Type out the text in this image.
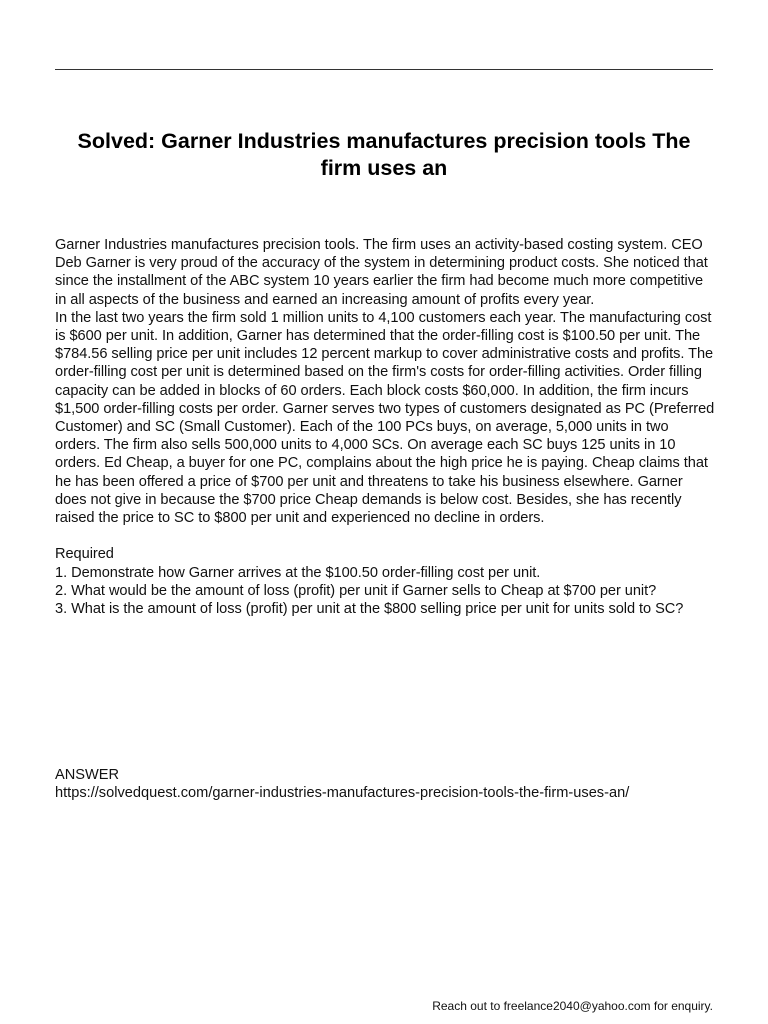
Solved: Garner Industries manufactures precision tools The firm uses an

Garner Industries manufactures precision tools. The firm uses an activity-based costing system. CEO Deb Garner is very proud of the accuracy of the system in determining product costs. She noticed that since the installment of the ABC system 10 years earlier the firm had become much more competitive in all aspects of the business and earned an increasing amount of profits every year.

In the last two years the firm sold 1 million units to 4,100 customers each year. The manufacturing cost is $600 per unit. In addition, Garner has determined that the order-filling cost is $100.50 per unit. The $784.56 selling price per unit includes 12 percent markup to cover administrative costs and profits. The order-filling cost per unit is determined based on the firm's costs for order-filling activities. Order filling capacity can be added in blocks of 60 orders. Each block costs $60,000. In addition, the firm incurs $1,500 order-filling costs per order. Garner serves two types of customers designated as PC (Preferred Customer) and SC (Small Customer). Each of the 100 PCs buys, on average, 5,000 units in two orders. The firm also sells 500,000 units to 4,000 SCs. On average each SC buys 125 units in 10 orders. Ed Cheap, a buyer for one PC, complains about the high price he is paying. Cheap claims that he has been offered a price of $700 per unit and threatens to take his business elsewhere. Garner does not give in because the $700 price Cheap demands is below cost. Besides, she has recently raised the price to SC to $800 per unit and experienced no decline in orders.

Required

1. Demonstrate how Garner arrives at the $100.50 order-filling cost per unit.

2. What would be the amount of loss (profit) per unit if Garner sells to Cheap at $700 per unit?

3. What is the amount of loss (profit) per unit at the $800 selling price per unit for units sold to SC?

ANSWER
https://solvedquest.com/garner-industries-manufactures-precision-tools-the-firm-uses-an/
Reach out to freelance2040@yahoo.com for enquiry.
